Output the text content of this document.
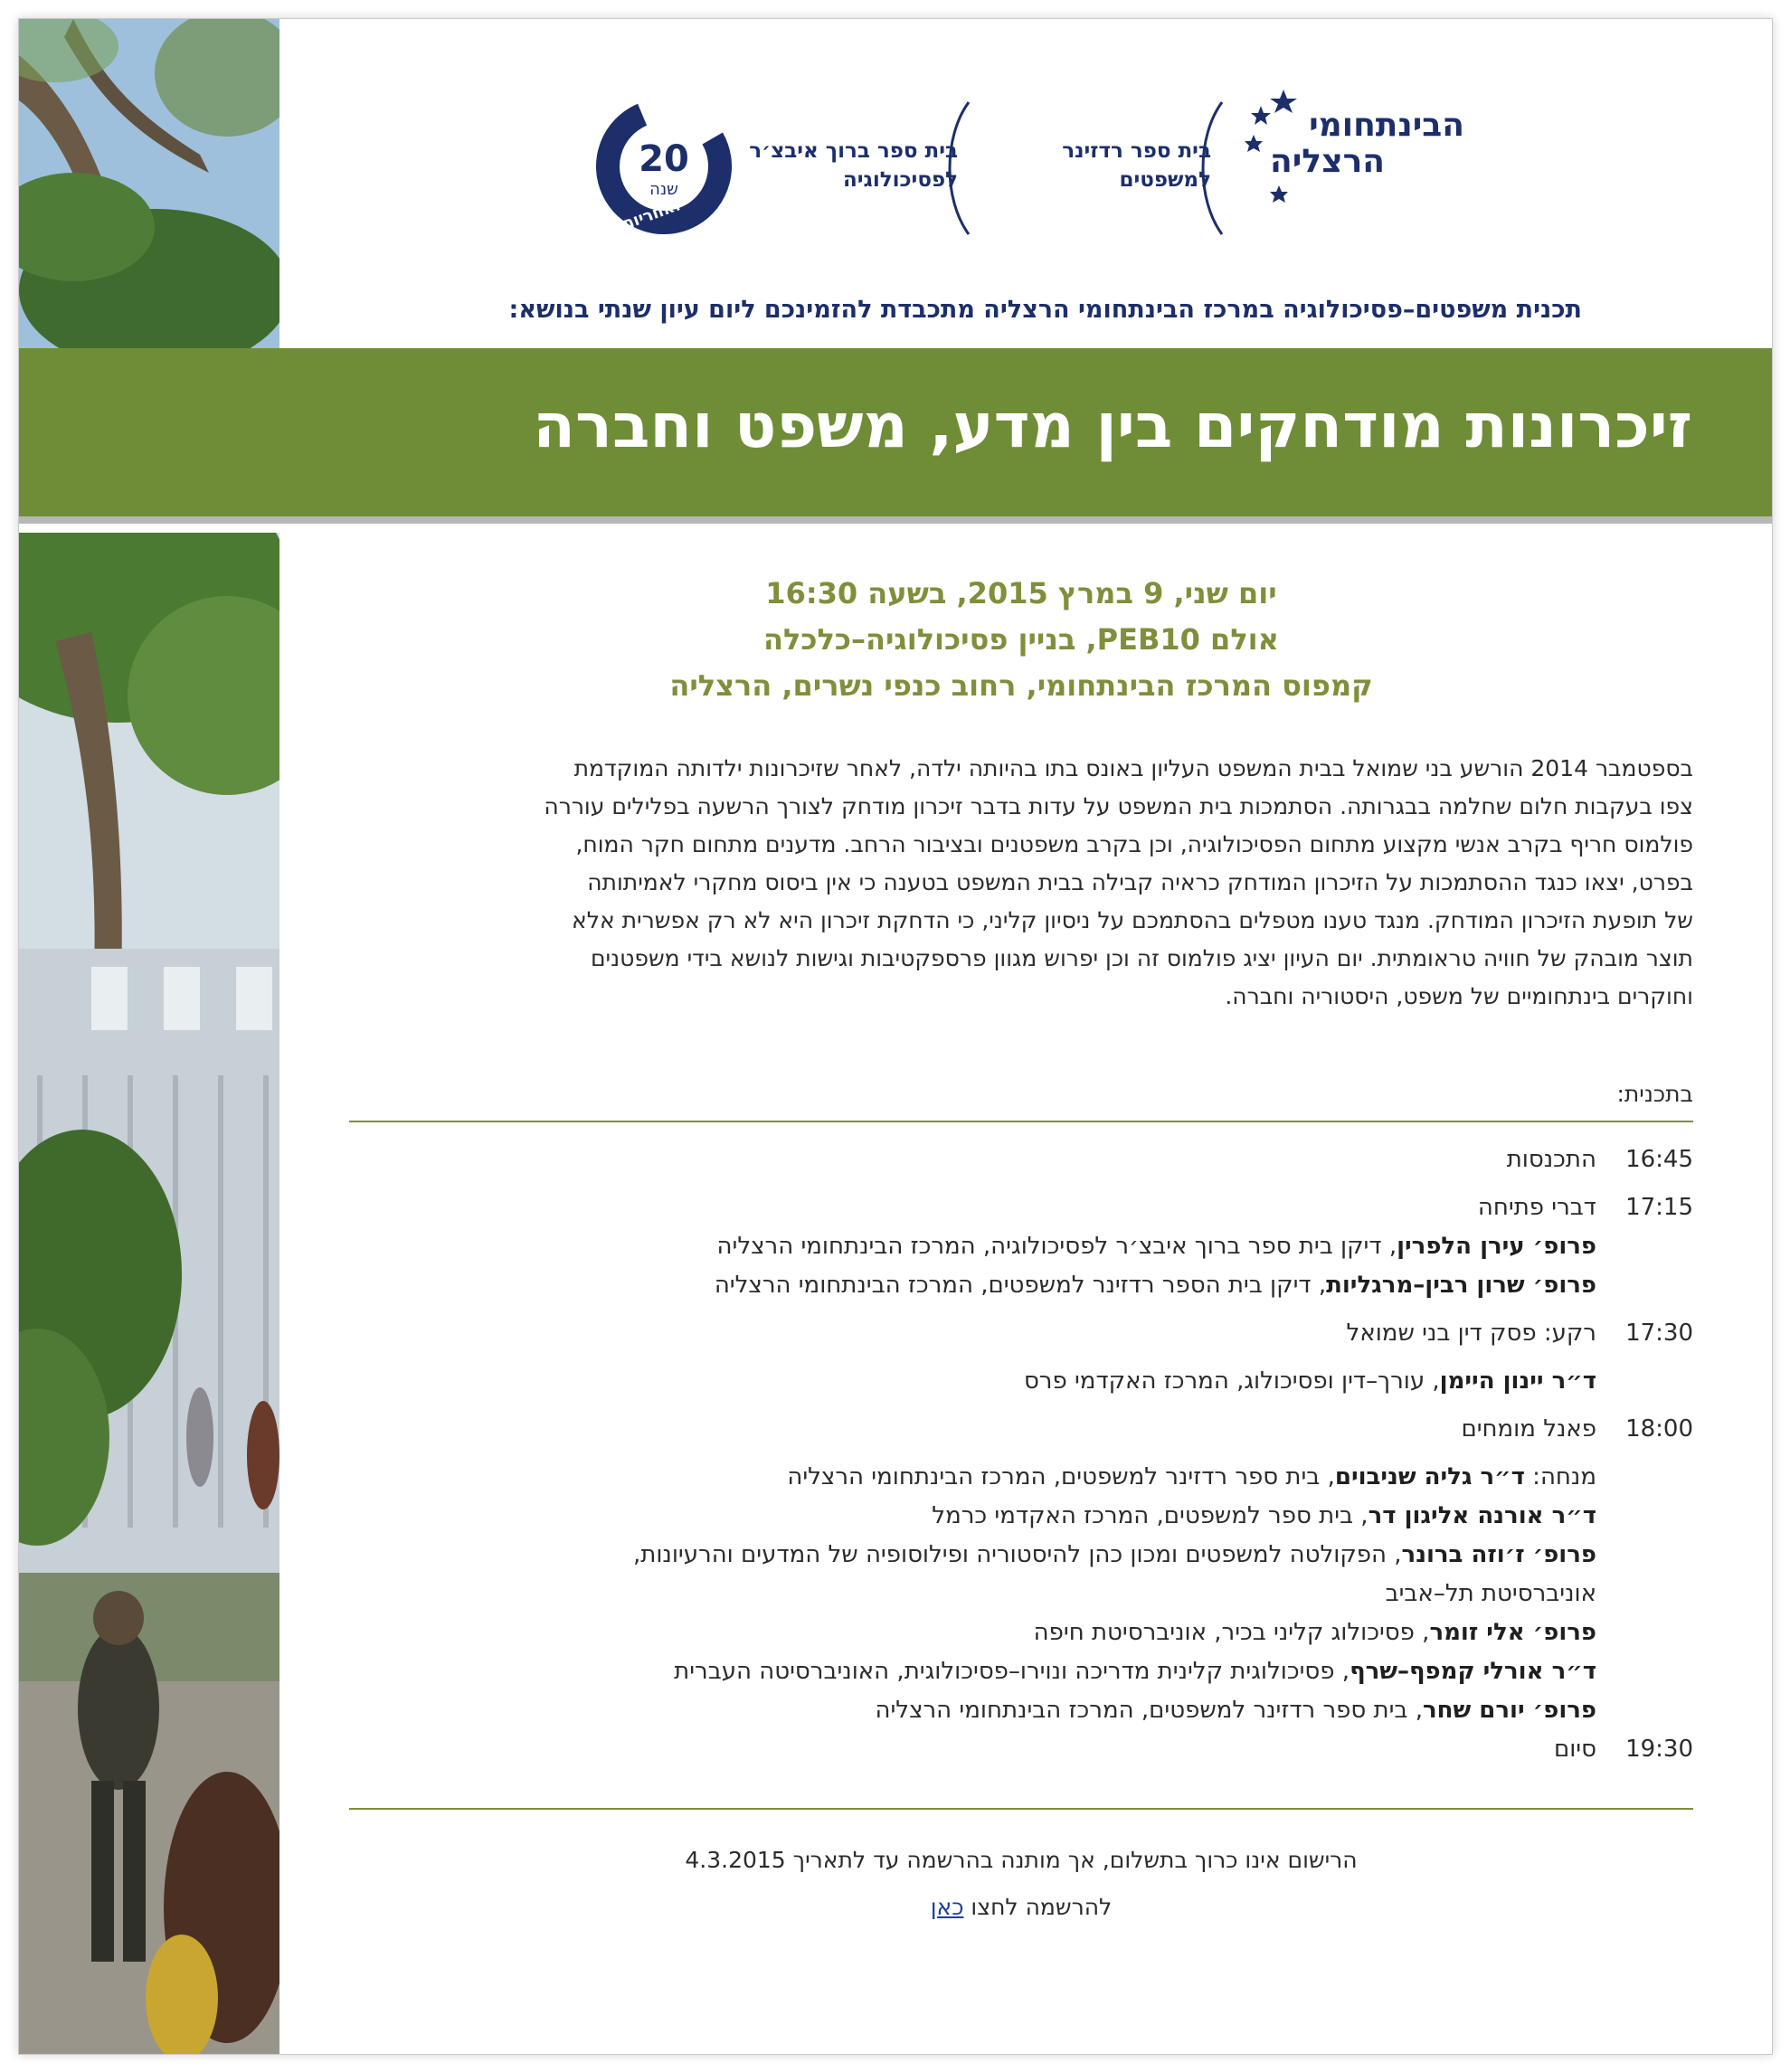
הבינתחומי
הרצליה
בית ספר רדזינר
למשפטים
בית ספר ברוך איבצ׳ר
לפסיכולוגיה
20
שנה
חירות
ואחריות
תכנית משפטים–פסיכולוגיה במרכז הבינתחומי הרצליה מתכבדת להזמינכם ליום עיון שנתי בנושא:
זיכרונות מודחקים בין מדע, משפט וחברה
יום שני, 9 במרץ 2015, בשעה 16:30
אולם PEB10, בניין פסיכולוגיה–כלכלה
קמפוס המרכז הבינתחומי, רחוב כנפי נשרים, הרצליה
בספטמבר 2014 הורשע בני שמואל בבית המשפט העליון באונס בתו בהיותה ילדה, לאחר שזיכרונות ילדותה המוקדמת
צפו בעקבות חלום שחלמה בבגרותה. הסתמכות בית המשפט על עדות בדבר זיכרון מודחק לצורך הרשעה בפלילים עוררה
פולמוס חריף בקרב אנשי מקצוע מתחום הפסיכולוגיה, וכן בקרב משפטנים ובציבור הרחב. מדענים מתחום חקר המוח,
בפרט, יצאו כנגד ההסתמכות על הזיכרון המודחק כראיה קבילה בבית המשפט בטענה כי אין ביסוס מחקרי לאמיתותה
של תופעת הזיכרון המודחק. מנגד טענו מטפלים בהסתמכם על ניסיון קליני, כי הדחקת זיכרון היא לא רק אפשרית אלא
תוצר מובהק של חוויה טראומתית. יום העיון יציג פולמוס זה וכן יפרוש מגוון פרספקטיבות וגישות לנושא בידי משפטנים
וחוקרים בינתחומיים של משפט, היסטוריה וחברה.
בתכנית:
16:45
התכנסות
17:15
דברי פתיחה
פרופ׳ עירן הלפרין, דיקן בית ספר ברוך איבצ׳ר לפסיכולוגיה, המרכז הבינתחומי הרצליה
פרופ׳ שרון רבין–מרגליות, דיקן בית הספר רדזינר למשפטים, המרכז הבינתחומי הרצליה
17:30
רקע: פסק דין בני שמואל
ד״ר יינון היימן, עורך–דין ופסיכולוג, המרכז האקדמי פרס
18:00
פאנל מומחים
מנחה: ד״ר גליה שניבוים, בית ספר רדזינר למשפטים, המרכז הבינתחומי הרצליה
ד״ר אורנה אליגון דר, בית ספר למשפטים, המרכז האקדמי כרמל
פרופ׳ ז׳וזה ברונר, הפקולטה למשפטים ומכון כהן להיסטוריה ופילוסופיה של המדעים והרעיונות,
אוניברסיטת תל–אביב
פרופ׳ אלי זומר, פסיכולוג קליני בכיר, אוניברסיטת חיפה
ד״ר אורלי קמפף–שרף, פסיכולוגית קלינית מדריכה ונוירו–פסיכולוגית, האוניברסיטה העברית
פרופ׳ יורם שחר, בית ספר רדזינר למשפטים, המרכז הבינתחומי הרצליה
19:30
סיום
הרישום אינו כרוך בתשלום, אך מותנה בהרשמה עד לתאריך 4.3.2015
להרשמה לחצו כאן
